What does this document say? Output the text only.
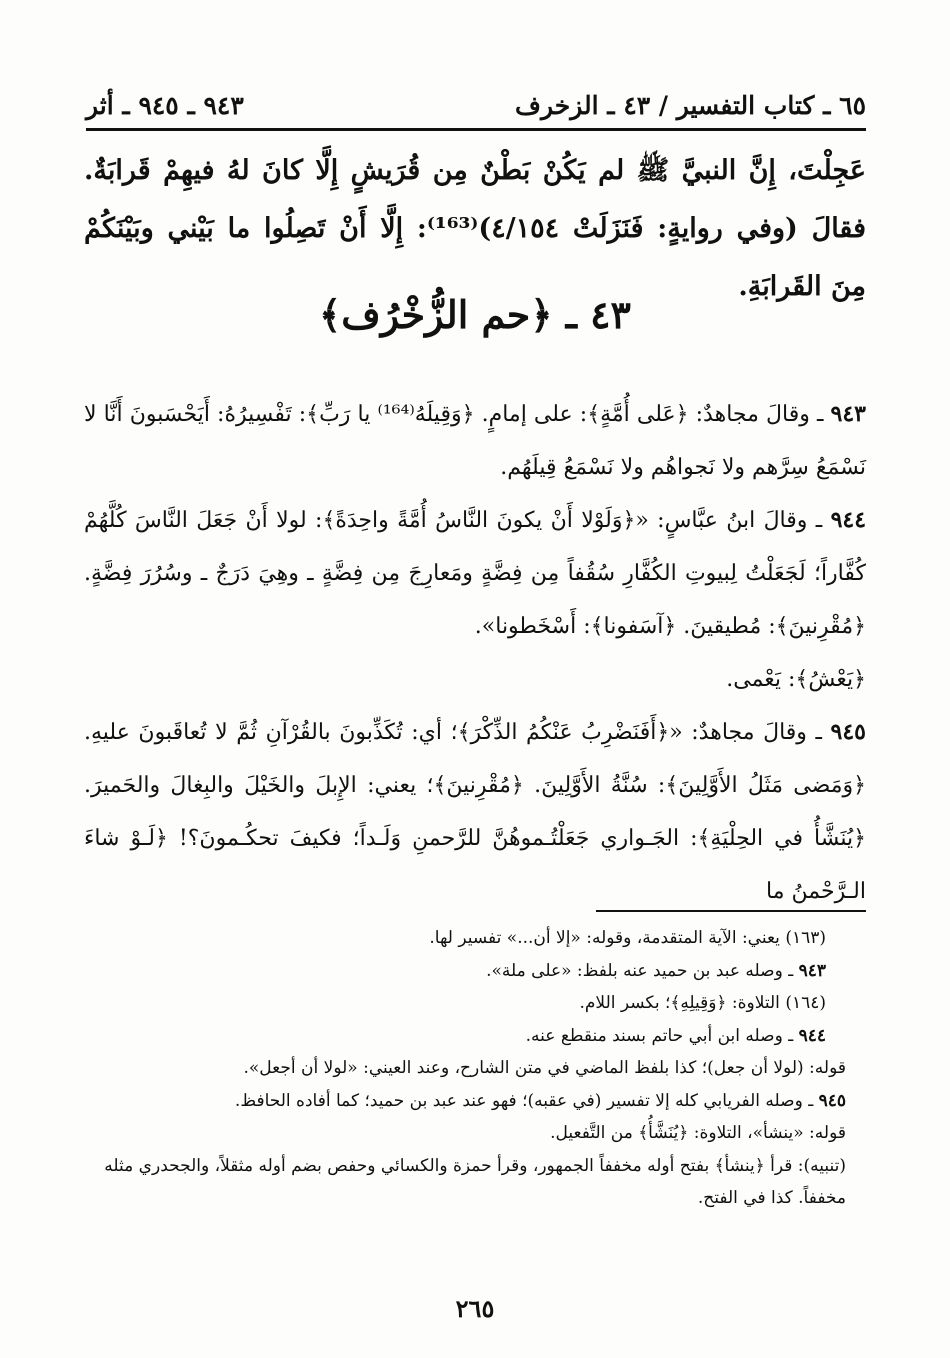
٦٥ ـ كتاب التفسير / ٤٣ ـ الزخرف
٩٤٣ ـ ٩٤٥ ـ أثر
عَجِلْتَ، إِنَّ النبيَّ ﷺ لم يَكُنْ بَطْنٌ مِن قُرَيشٍ إِلَّا كانَ لهُ فيهِمْ قَرابَةٌ. فقالَ (وفي روايةٍ: فَنَزَلَتْ ٤/١٥٤)⁽¹⁶³⁾: إِلَّا أَنْ تَصِلُوا ما بَيْني وبَيْنَكُمْ مِنَ القَرابَةِ.
٤٣ ـ ﴿حم الزُّخْرُف﴾

٩٤٣ ـ وقالَ مجاهدٌ: ﴿عَلى أُمَّةٍ﴾: على إمامٍ. ﴿وَقِيلَهُ⁽¹⁶⁴⁾ يا رَبِّ﴾: تَفْسِيرُهُ: أَيَحْسَبونَ أَنَّا لا نَسْمَعُ سِرَّهم ولا نَجواهُم ولا نَسْمَعُ قِيلَهُم.

٩٤٤ ـ وقالَ ابنُ عبَّاسٍ: «﴿وَلَوْلا أَنْ يكونَ النَّاسُ أُمَّةً واحِدَةً﴾: لولا أَنْ جَعَلَ النَّاسَ كُلَّهُمْ كُفَّاراً؛ لَجَعَلْتُ لِبيوتِ الكُفَّارِ سُقُفاً مِن فِضَّةٍ ومَعارِجَ مِن فِضَّةٍ ـ وهِيَ دَرَجٌ ـ وسُرُرَ فِضَّةٍ. ﴿مُقْرِنينَ﴾: مُطيقينَ. ﴿آسَفونا﴾: أَسْخَطونا».

﴿يَعْشُ﴾: يَعْمى.

٩٤٥ ـ وقالَ مجاهدٌ: «﴿أَفَنَضْرِبُ عَنْكُمُ الذِّكْرَ﴾؛ أي: تُكَذِّبونَ بالقُرْآنِ ثُمَّ لا تُعاقَبونَ عليهِ. ﴿وَمَضى مَثَلُ الأَوَّلِينَ﴾: سُنَّةُ الأَوَّلِينَ. ﴿مُقْرِنينَ﴾؛ يعني: الإِبلَ والخَيْلَ والبِغالَ والحَميرَ. ﴿يُنَشَّأُ في الحِلْيَةِ﴾: الجَـواري جَعَلْتُـموهُنَّ للرَّحمنِ وَلَـداً؛ فكيفَ تحكُـمونَ؟! ﴿لَـوْ شاءَ الـرَّحْمنُ ما

(١٦٣) يعني: الآية المتقدمة، وقوله: «إلا أن...» تفسير لها.

٩٤٣ ـ وصله عبد بن حميد عنه بلفظ: «على ملة».

(١٦٤) التلاوة: ﴿وَقِيلِهِ﴾؛ بكسر اللام.

٩٤٤ ـ وصله ابن أبي حاتم بسند منقطع عنه.

قوله: (لولا أن جعل)؛ كذا بلفظ الماضي في متن الشارح، وعند العيني: «لولا أن أجعل».

٩٤٥ ـ وصله الفريابي كله إلا تفسير (في عقبه)؛ فهو عند عبد بن حميد؛ كما أفاده الحافظ.

قوله: «ينشأ»، التلاوة: ﴿يُنَشَّأُ﴾ من التَّفعيل.

(تنبيه): قرأ ﴿ينشأ﴾ بفتح أوله مخففاً الجمهور، وقرأ حمزة والكسائي وحفص بضم أوله مثقلاً، والجحدري مثله مخففاً. كذا في الفتح.

٢٦٥
